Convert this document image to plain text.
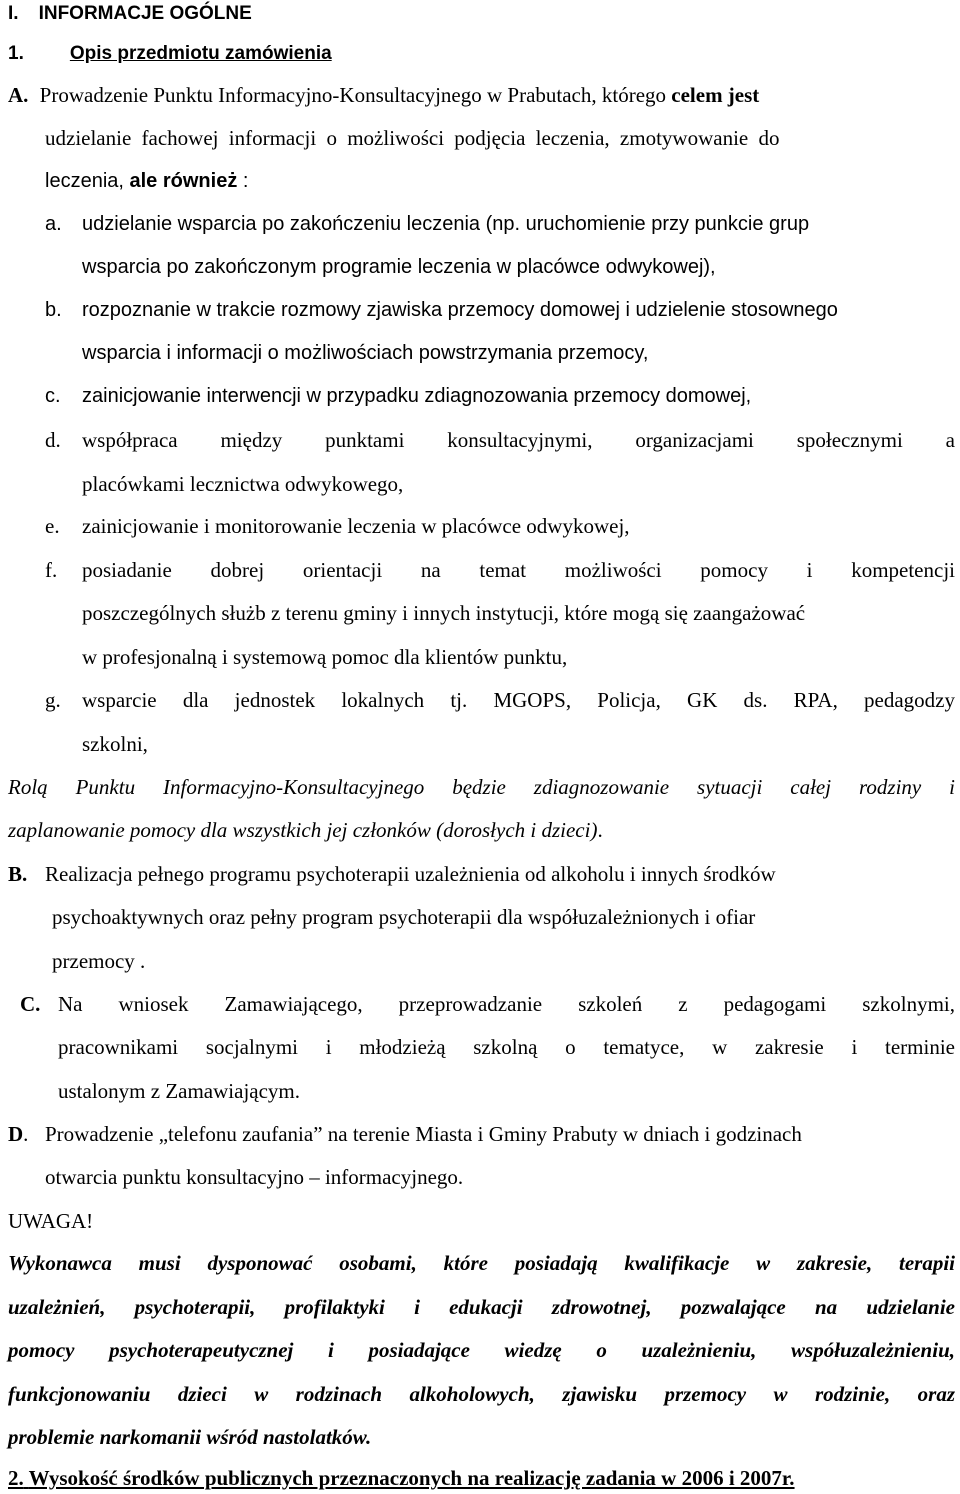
I. INFORMACJE OGÓLNE
1. Opis przedmiotu zamówienia
A. Prowadzenie Punktu Informacyjno-Konsultacyjnego w Prabutach, którego celem jest
udzielanie fachowej informacji o możliwości podjęcia leczenia, zmotywowanie do
leczenia, ale również :
a. udzielanie wsparcia po zakończeniu leczenia (np. uruchomienie przy punkcie grup
wsparcia po zakończonym programie leczenia w placówce odwykowej),
b. rozpoznanie w trakcie rozmowy zjawiska przemocy domowej i udzielenie stosownego
wsparcia i informacji o możliwościach powstrzymania przemocy,
c. zainicjowanie interwencji w przypadku zdiagnozowania przemocy domowej,
d. współpraca między punktami konsultacyjnymi, organizacjami społecznymi a
placówkami lecznictwa odwykowego,
e. zainicjowanie i monitorowanie leczenia w placówce odwykowej,
f. posiadanie dobrej orientacji na temat możliwości pomocy i kompetencji
poszczególnych służb z terenu gminy i innych instytucji, które mogą się zaangażować
w profesjonalną i systemową pomoc dla klientów punktu,
g. wsparcie dla jednostek lokalnych tj. MGOPS, Policja, GK ds. RPA, pedagodzy
szkolni,
Rolą Punktu Informacyjno-Konsultacyjnego będzie zdiagnozowanie sytuacji całej rodziny i
zaplanowanie pomocy dla wszystkich jej członków (dorosłych i dzieci).
B. Realizacja pełnego programu psychoterapii uzależnienia od alkoholu i innych środków
psychoaktywnych oraz pełny program psychoterapii dla współuzależnionych i ofiar
przemocy .
C. Na wniosek Zamawiającego, przeprowadzanie szkoleń z pedagogami szkolnymi,
pracownikami socjalnymi i młodzieżą szkolną o tematyce, w zakresie i terminie
ustalonym z Zamawiającym.
D. Prowadzenie „telefonu zaufania” na terenie Miasta i Gminy Prabuty w dniach i godzinach
otwarcia punktu konsultacyjno – informacyjnego.
UWAGA!
Wykonawca musi dysponować osobami, które posiadają kwalifikacje w zakresie, terapii
uzależnień, psychoterapii, profilaktyki i edukacji zdrowotnej, pozwalające na udzielanie
pomocy psychoterapeutycznej i posiadające wiedzę o uzależnieniu, współuzależnieniu,
funkcjonowaniu dzieci w rodzinach alkoholowych, zjawisku przemocy w rodzinie, oraz
problemie narkomanii wśród nastolatków.
2. Wysokość środków publicznych przeznaczonych na realizację zadania w 2006 i 2007r.
